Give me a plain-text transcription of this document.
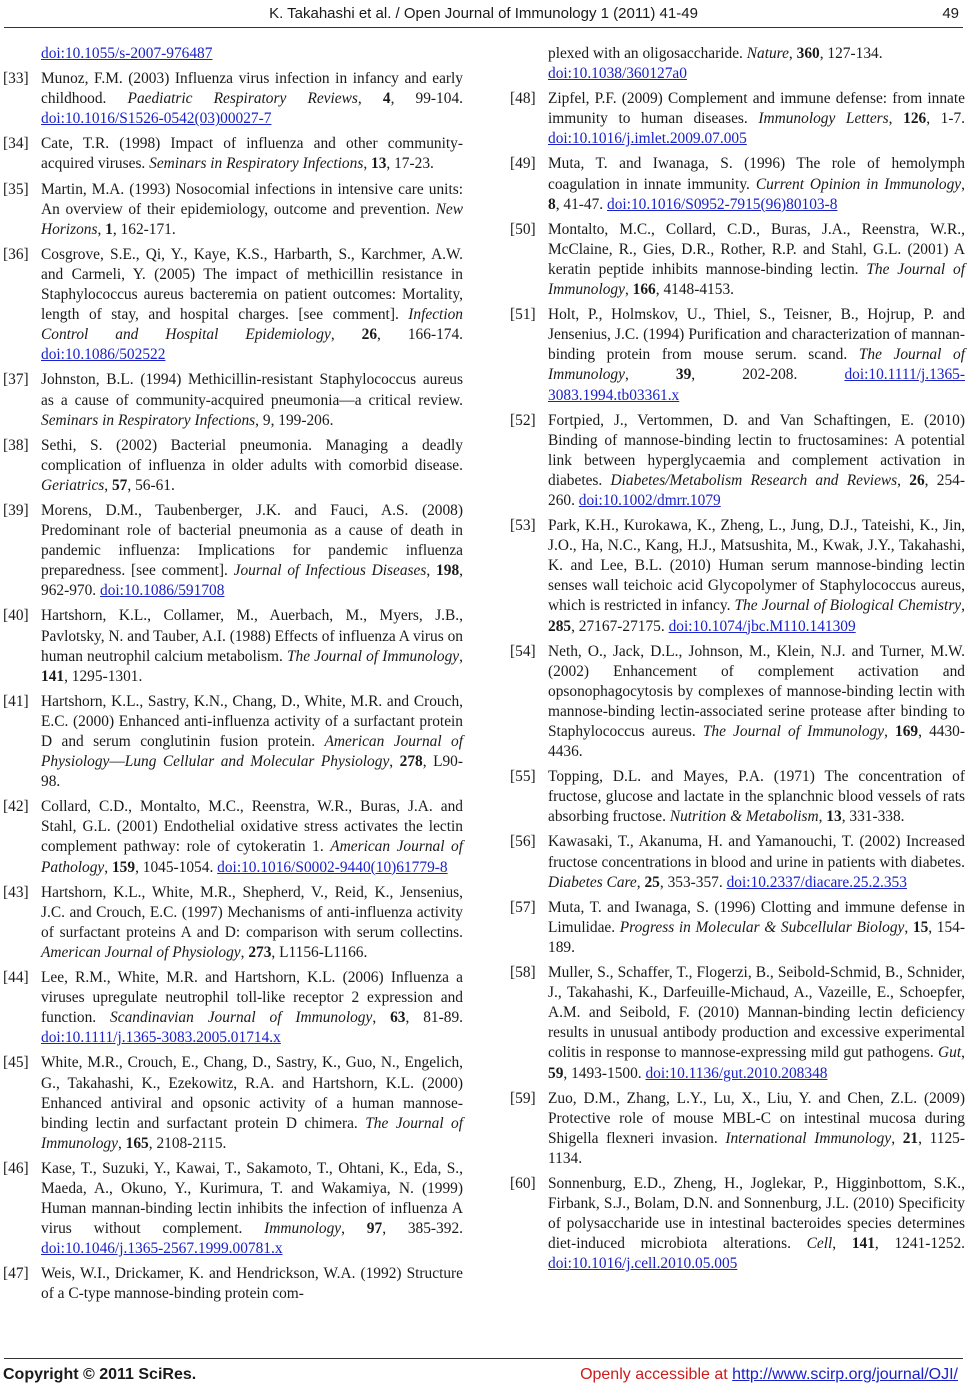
K. Takahashi et al. / Open Journal of Immunology 1 (2011) 41-49	49
doi:10.1055/s-2007-976487
[33] Munoz, F.M. (2003) Influenza virus infection in infancy and early childhood. Paediatric Respiratory Reviews, 4, 99-104. doi:10.1016/S1526-0542(03)00027-7
[34] Cate, T.R. (1998) Impact of influenza and other community-acquired viruses. Seminars in Respiratory Infections, 13, 17-23.
[35] Martin, M.A. (1993) Nosocomial infections in intensive care units: An overview of their epidemiology, outcome and prevention. New Horizons, 1, 162-171.
[36] Cosgrove, S.E., Qi, Y., Kaye, K.S., Harbarth, S., Karchmer, A.W. and Carmeli, Y. (2005) The impact of methicillin resistance in Staphylococcus aureus bacteremia on patient outcomes: Mortality, length of stay, and hospital charges. [see comment]. Infection Control and Hospital Epidemiology, 26, 166-174. doi:10.1086/502522
[37] Johnston, B.L. (1994) Methicillin-resistant Staphylococcus aureus as a cause of community-acquired pneumonia―a critical review. Seminars in Respiratory Infections, 9, 199-206.
[38] Sethi, S. (2002) Bacterial pneumonia. Managing a deadly complication of influenza in older adults with comorbid disease. Geriatrics, 57, 56-61.
[39] Morens, D.M., Taubenberger, J.K. and Fauci, A.S. (2008) Predominant role of bacterial pneumonia as a cause of death in pandemic influenza: Implications for pandemic influenza preparedness. [see comment]. Journal of Infectious Diseases, 198, 962-970. doi:10.1086/591708
[40] Hartshorn, K.L., Collamer, M., Auerbach, M., Myers, J.B., Pavlotsky, N. and Tauber, A.I. (1988) Effects of influenza A virus on human neutrophil calcium metabolism. The Journal of Immunology, 141, 1295-1301.
[41] Hartshorn, K.L., Sastry, K.N., Chang, D., White, M.R. and Crouch, E.C. (2000) Enhanced anti-influenza activity of a surfactant protein D and serum conglutinin fusion protein. American Journal of Physiology―Lung Cellular and Molecular Physiology, 278, L90-98.
[42] Collard, C.D., Montalto, M.C., Reenstra, W.R., Buras, J.A. and Stahl, G.L. (2001) Endothelial oxidative stress activates the lectin complement pathway: role of cytokeratin 1. American Journal of Pathology, 159, 1045-1054. doi:10.1016/S0002-9440(10)61779-8
[43] Hartshorn, K.L., White, M.R., Shepherd, V., Reid, K., Jensenius, J.C. and Crouch, E.C. (1997) Mechanisms of anti-influenza activity of surfactant proteins A and D: comparison with serum collectins. American Journal of Physiology, 273, L1156-L1166.
[44] Lee, R.M., White, M.R. and Hartshorn, K.L. (2006) Influenza a viruses upregulate neutrophil toll-like receptor 2 expression and function. Scandinavian Journal of Immunology, 63, 81-89. doi:10.1111/j.1365-3083.2005.01714.x
[45] White, M.R., Crouch, E., Chang, D., Sastry, K., Guo, N., Engelich, G., Takahashi, K., Ezekowitz, R.A. and Hartshorn, K.L. (2000) Enhanced antiviral and opsonic activity of a human mannose-binding lectin and surfactant protein D chimera. The Journal of Immunology, 165, 2108-2115.
[46] Kase, T., Suzuki, Y., Kawai, T., Sakamoto, T., Ohtani, K., Eda, S., Maeda, A., Okuno, Y., Kurimura, T. and Wakamiya, N. (1999) Human mannan-binding lectin inhibits the infection of influenza A virus without complement. Immunology, 97, 385-392. doi:10.1046/j.1365-2567.1999.00781.x
[47] Weis, W.I., Drickamer, K. and Hendrickson, W.A. (1992) Structure of a C-type mannose-binding protein com-
plexed with an oligosaccharide. Nature, 360, 127-134.
doi:10.1038/360127a0
[48] Zipfel, P.F. (2009) Complement and immune defense: from innate immunity to human diseases. Immunology Letters, 126, 1-7. doi:10.1016/j.imlet.2009.07.005
[49] Muta, T. and Iwanaga, S. (1996) The role of hemolymph coagulation in innate immunity. Current Opinion in Immunology, 8, 41-47. doi:10.1016/S0952-7915(96)80103-8
[50] Montalto, M.C., Collard, C.D., Buras, J.A., Reenstra, W.R., McClaine, R., Gies, D.R., Rother, R.P. and Stahl, G.L. (2001) A keratin peptide inhibits mannose-binding lectin. The Journal of Immunology, 166, 4148-4153.
[51] Holt, P., Holmskov, U., Thiel, S., Teisner, B., Hojrup, P. and Jensenius, J.C. (1994) Purification and characterization of mannan-binding protein from mouse serum. scand. The Journal of Immunology, 39, 202-208. doi:10.1111/j.1365-3083.1994.tb03361.x
[52] Fortpied, J., Vertommen, D. and Van Schaftingen, E. (2010) Binding of mannose-binding lectin to fructosamines: A potential link between hyperglycaemia and complement activation in diabetes. Diabetes/Metabolism Research and Reviews, 26, 254-260. doi:10.1002/dmrr.1079
[53] Park, K.H., Kurokawa, K., Zheng, L., Jung, D.J., Tateishi, K., Jin, J.O., Ha, N.C., Kang, H.J., Matsushita, M., Kwak, J.Y., Takahashi, K. and Lee, B.L. (2010) Human serum mannose-binding lectin senses wall teichoic acid Glycopolymer of Staphylococcus aureus, which is restricted in infancy. The Journal of Biological Chemistry, 285, 27167-27175. doi:10.1074/jbc.M110.141309
[54] Neth, O., Jack, D.L., Johnson, M., Klein, N.J. and Turner, M.W. (2002) Enhancement of complement activation and opsonophagocytosis by complexes of mannose-binding lectin with mannose-binding lectin-associated serine protease after binding to Staphylococcus aureus. The Journal of Immunology, 169, 4430-4436.
[55] Topping, D.L. and Mayes, P.A. (1971) The concentration of fructose, glucose and lactate in the splanchnic blood vessels of rats absorbing fructose. Nutrition & Metabolism, 13, 331-338.
[56] Kawasaki, T., Akanuma, H. and Yamanouchi, T. (2002) Increased fructose concentrations in blood and urine in patients with diabetes. Diabetes Care, 25, 353-357. doi:10.2337/diacare.25.2.353
[57] Muta, T. and Iwanaga, S. (1996) Clotting and immune defense in Limulidae. Progress in Molecular & Subcellular Biology, 15, 154-189.
[58] Muller, S., Schaffer, T., Flogerzi, B., Seibold-Schmid, B., Schnider, J., Takahashi, K., Darfeuille-Michaud, A., Vazeille, E., Schoepfer, A.M. and Seibold, F. (2010) Mannan-binding lectin deficiency results in unusual antibody production and excessive experimental colitis in response to mannose-expressing mild gut pathogens. Gut, 59, 1493-1500. doi:10.1136/gut.2010.208348
[59] Zuo, D.M., Zhang, L.Y., Lu, X., Liu, Y. and Chen, Z.L. (2009) Protective role of mouse MBL-C on intestinal mucosa during Shigella flexneri invasion. International Immunology, 21, 1125-1134.
[60] Sonnenburg, E.D., Zheng, H., Joglekar, P., Higginbottom, S.K., Firbank, S.J., Bolam, D.N. and Sonnenburg, J.L. (2010) Specificity of polysaccharide use in intestinal bacteroides species determines diet-induced microbiota alterations. Cell, 141, 1241-1252. doi:10.1016/j.cell.2010.05.005
Copyright © 2011 SciRes.	Openly accessible at http://www.scirp.org/journal/OJI/
